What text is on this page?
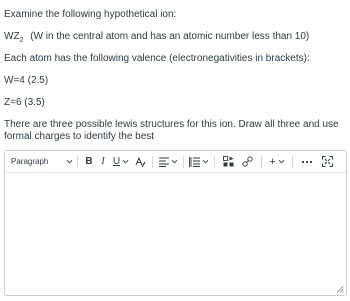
Examine the following hypothetical ion:
$WZ_2$ (W in the central atom and has an atomic number less than 10)
Each atom has the following valence (electronegativities in brackets):
W=4 (2.5)
Z=6 (3.5)
There are three possible lewis structures for this ion. Draw all three and use formal charges to identify the best
Paragraph	B I U	+
